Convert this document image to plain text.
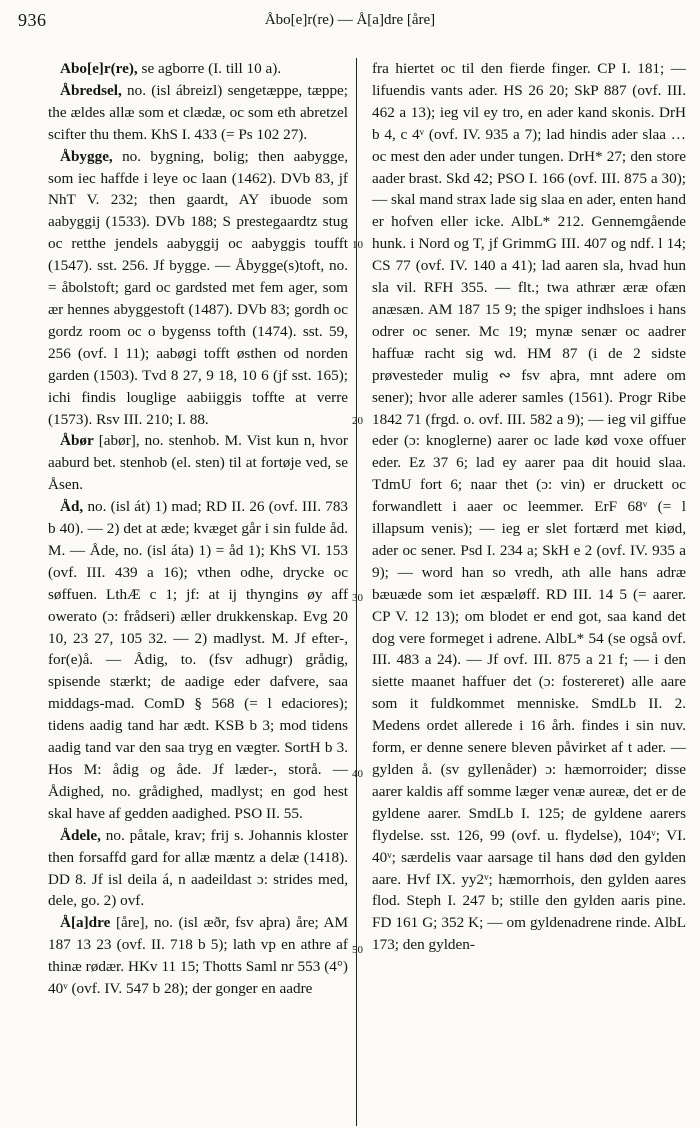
936	Åbo[e]r(re) — Å[a]dre [åre]

Abo[e]r(re), se agborre (I. till 10 a).

Åbredsel, no. (isl ábreizl) sengetæppe, tæppe; the ældes allæ som et clædæ, oc som eth abretzel scifter thu them. KhS I. 433 (= Ps 102 27).

Åbygge, no. bygning, bolig; then aabygge, som iec haffde i leye oc laan (1462). DVb 83, jf NhT V. 232; then gaardt, AY ibuode som aabyggij (1533). DVb 188; S prestegaardtz stug oc retthe jendels aabyggij oc aabyggis toufft (1547). sst. 256. Jf bygge. — Åbygge(s)toft, no. = åbolstoft; gard oc gardsted met fem ager, som ær hennes abyggestoft (1487). DVb 83; gordh oc gordz room oc o bygenss tofth (1474). sst. 59, 256 (ovf. l 11); aabøgi tofft østhen od norden garden (1503). Tvd 8 27, 9 18, 10 6 (jf sst. 165); ichi findis louglige aabiiggis toffte at verre (1573). Rsv III. 210; I. 88.

Åbør [abør], no. stenhob. M. Vist kun n, hvor aaburd bet. stenhob (el. sten) til at fortøje ved, se Åsen.

Åd, no. (isl át) 1) mad; RD II. 26 (ovf. III. 783 b 40). — 2) det at æde; kvæget går i sin fulde åd. M. — Åde, no. (isl áta) 1) = åd 1); KhS VI. 153 (ovf. III. 439 a 16); vthen odhe, drycke oc søffuen. LthÆ c 1; jf: at ij thyngins øy aff owerato (ɔ: frådseri) æller drukkenskap. Evg 20 10, 23 27, 105 32. — 2) madlyst. M. Jf efter-, for(e)å. — Ådig, to. (fsv adhugr) grådig, spisende stærkt; de aadige eder dafvere, saa middags-mad. ComD § 568 (= l edaciores); tidens aadig tand har ædt. KSB b 3; mod tidens aadig tand var den saa tryg en vægter. SortH b 3. Hos M: ådig og åde. Jf læder-, storå. — Ådighed, no. grådighed, madlyst; en god hest skal have af gedden aadighed. PSO II. 55.

Ådele, no. påtale, krav; frij s. Johannis kloster then forsaffd gard for allæ mæntz a delæ (1418). DD 8. Jf isl deila á, n aadeildast ɔ: strides med, dele, go. 2) ovf.

Å[a]dre [åre], no. (isl æðr, fsv aþra) åre; AM 187 13 23 (ovf. II. 718 b 5); lath vp en athre af thinæ rødær. HKv 11 15; Thotts Saml nr 553 (4°) 40ᵛ (ovf. IV. 547 b 28); der gonger en aadre

10
20
30
40
50

fra hiertet oc til den fierde finger. CP I. 181; — lifuendis vants ader. HS 26 20; SkP 887 (ovf. III. 462 a 13); ieg vil ey tro, en ader kand skonis. DrH b 4, c 4ᵛ (ovf. IV. 935 a 7); lad hindis ader slaa … oc mest den ader under tungen. DrH* 27; den store aader brast. Skd 42; PSO I. 166 (ovf. III. 875 a 30); — skal mand strax lade sig slaa en ader, enten hand er hofven eller icke. AlbL* 212. Gennemgående hunk. i Nord og T, jf GrimmG III. 407 og ndf. l 14; CS 77 (ovf. IV. 140 a 41); lad aaren sla, hvad hun sla vil. RFH 355. — flt.; twa athrær æræ ofæn anæsæn. AM 187 15 9; the spiger indhsloes i hans odrer oc sener. Mc 19; mynæ senær oc aadrer haffuæ racht sig wd. HM 87 (i de 2 sidste prøvesteder mulig ∾ fsv aþra, mnt adere om sener); hvor alle aderer samles (1561). Progr Ribe 1842 71 (frgd. o. ovf. III. 582 a 9); — ieg vil giffue eder (ɔ: knoglerne) aarer oc lade kød voxe offuer eder. Ez 37 6; lad ey aarer paa dit houid slaa. TdmU fort 6; naar thet (ɔ: vin) er druckett oc forwandlett i aaer oc leemmer. ErF 68ᵛ (= l illapsum venis); — ieg er slet fortærd met kiød, ader oc sener. Psd I. 234 a; SkH e 2 (ovf. IV. 935 a 9); — word han so vredh, ath alle hans adræ bæuæde som iet æspæløff. RD III. 14 5 (= aarer. CP V. 12 13); om blodet er end got, saa kand det dog vere formeget i adrene. AlbL* 54 (se også ovf. III. 483 a 24). — Jf ovf. III. 875 a 21 f; — i den siette maanet haffuer det (ɔ: fostereret) alle aare som it fuldkommet menniske. SmdLb II. 2. Medens ordet allerede i 16 årh. findes i sin nuv. form, er denne senere bleven påvirket af t ader. — gylden å. (sv gyllenåder) ɔ: hæmorroider; disse aarer kaldis aff somme læger venæ aureæ, det er de gyldene aarer. SmdLb I. 125; de gyldene aarers flydelse. sst. 126, 99 (ovf. u. flydelse), 104ᵛ; VI. 40ᵛ; særdelis vaar aarsage til hans død den gylden aare. Hvf IX. yy2ᵛ; hæmorrhois, den gylden aares flod. Steph I. 247 b; stille den gylden aaris pine. FD 161 G; 352 K; — om gyldenadrene rinde. AlbL 173; den gylden-
